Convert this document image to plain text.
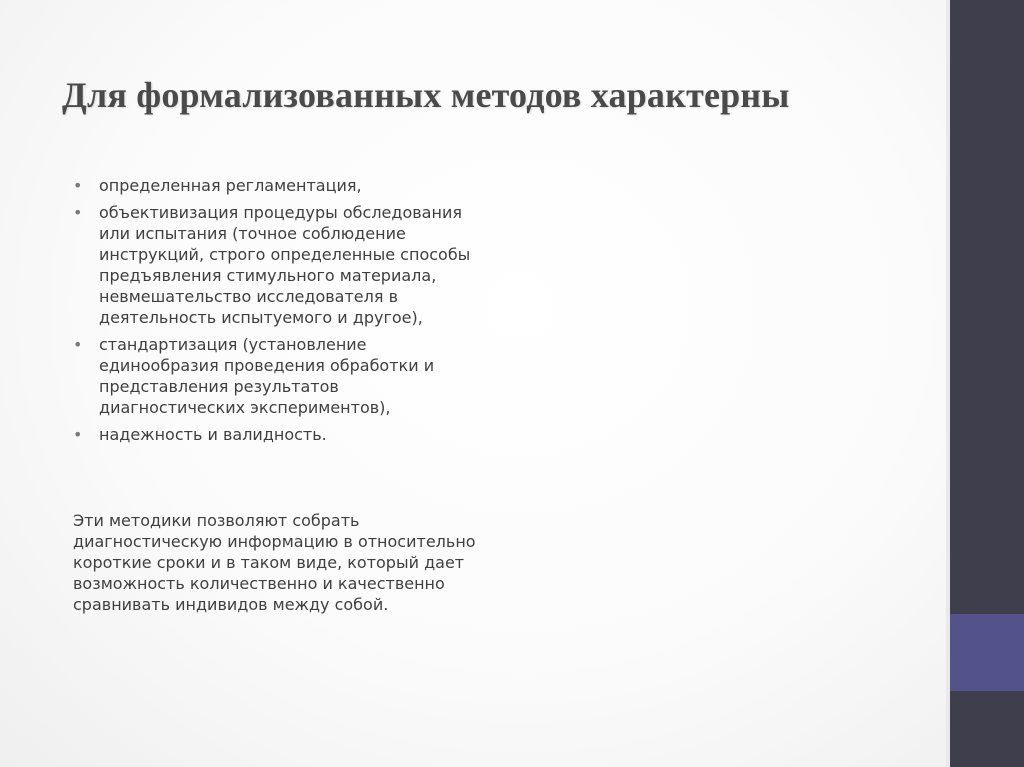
Для формализованных методов характерны
• определенная регламентация,
• объективизация процедуры обследования или испытания (точное соблюдение инструкций, строго определенные способы предъявления стимульного материала, невмешательство исследователя в деятельность испытуемого и другое),
• стандартизация (установление единообразия проведения обработки и представления результатов диагностических экспериментов),
• надежность и валидность.

Эти методики позволяют собрать диагностическую информацию в относительно короткие сроки и в таком виде, который дает возможность количественно и качественно сравнивать индивидов между собой.
